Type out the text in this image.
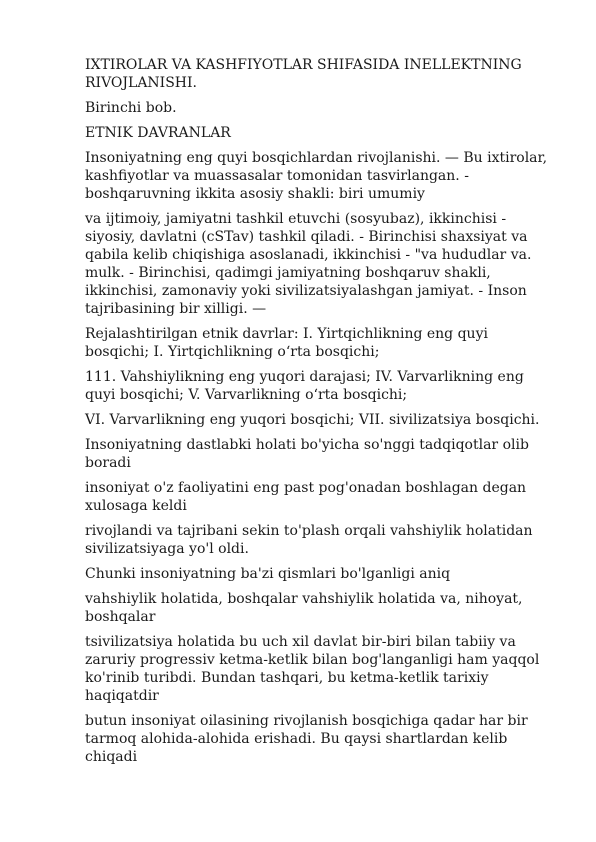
IXTIROLAR VA KASHFIYOTLAR SHIFASIDA INELLEKTNING RIVOJLANISHI.

Birinchi bob.

ETNIK DAVRANLAR

Insoniyatning eng quyi bosqichlardan rivojlanishi. — Bu ixtirolar, kashfiyotlar va muassasalar tomonidan tasvirlangan. - boshqaruvning ikkita asosiy shakli: biri umumiy

va ijtimoiy, jamiyatni tashkil etuvchi (sosyubaz), ikkinchisi - siyosiy, davlatni (cSTav) tashkil qiladi. - Birinchisi shaxsiyat va qabila kelib chiqishiga asoslanadi, ikkinchisi - "va hududlar va. mulk. - Birinchisi, qadimgi jamiyatning boshqaruv shakli, ikkinchisi, zamonaviy yoki sivilizatsiyalashgan jamiyat. - Inson tajribasining bir xilligi. —

Rejalashtirilgan etnik davrlar: I. Yirtqichlikning eng quyi bosqichi; I. Yirtqichlikning o‘rta bosqichi;

111. Vahshiylikning eng yuqori darajasi; IV. Varvarlikning eng quyi bosqichi; V. Varvarlikning o‘rta bosqichi;

VI. Varvarlikning eng yuqori bosqichi; VII. sivilizatsiya bosqichi.

Insoniyatning dastlabki holati bo'yicha so'nggi tadqiqotlar olib boradi

insoniyat o'z faoliyatini eng past pog'onadan boshlagan degan xulosaga keldi

rivojlandi va tajribani sekin to'plash orqali vahshiylik holatidan sivilizatsiyaga yo'l oldi.

Chunki insoniyatning ba'zi qismlari bo'lganligi aniq

vahshiylik holatida, boshqalar vahshiylik holatida va, nihoyat, boshqalar

tsivilizatsiya holatida bu uch xil davlat bir-biri bilan tabiiy va zaruriy progressiv ketma-ketlik bilan bog'langanligi ham yaqqol ko'rinib turibdi. Bundan tashqari, bu ketma-ketlik tarixiy haqiqatdir

butun insoniyat oilasining rivojlanish bosqichiga qadar har bir tarmoq alohida-alohida erishadi. Bu qaysi shartlardan kelib chiqadi
